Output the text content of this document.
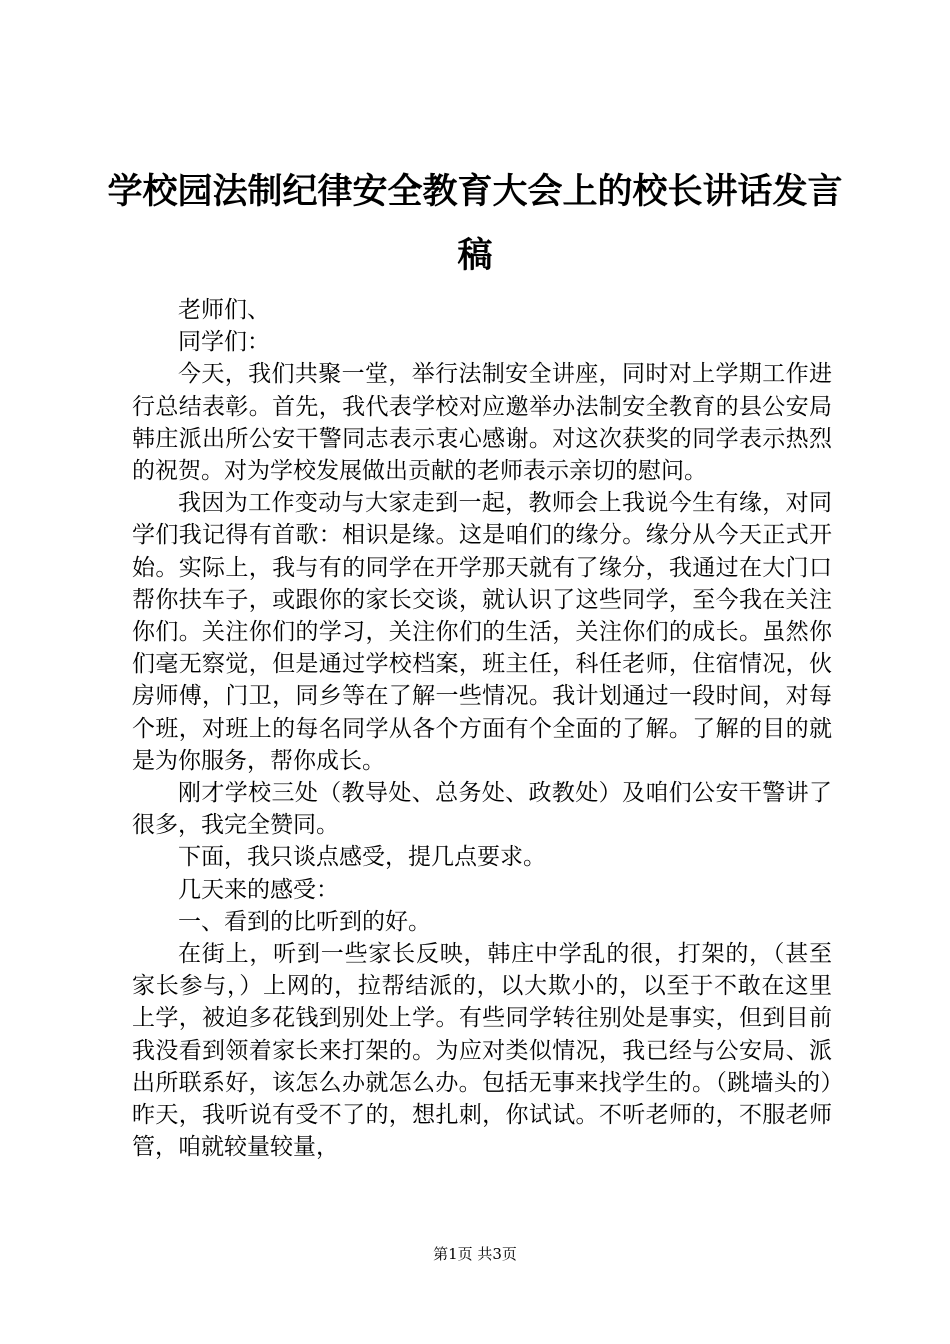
学校园法制纪律安全教育大会上的校长讲话发言稿

老师们、

同学们：

今天，我们共聚一堂，举行法制安全讲座，同时对上学期工作进行总结表彰。首先，我代表学校对应邀举办法制安全教育的县公安局韩庄派出所公安干警同志表示衷心感谢。对这次获奖的同学表示热烈的祝贺。对为学校发展做出贡献的老师表示亲切的慰问。

我因为工作变动与大家走到一起，教师会上我说今生有缘，对同学们我记得有首歌：相识是缘。这是咱们的缘分。缘分从今天正式开始。实际上，我与有的同学在开学那天就有了缘分，我通过在大门口帮你扶车子，或跟你的家长交谈，就认识了这些同学，至今我在关注你们。关注你们的学习，关注你们的生活，关注你们的成长。虽然你们毫无察觉，但是通过学校档案，班主任，科任老师，住宿情况，伙房师傅，门卫，同乡等在了解一些情况。我计划通过一段时间，对每个班，对班上的每名同学从各个方面有个全面的了解。了解的目的就是为你服务，帮你成长。

刚才学校三处（教导处、总务处、政教处）及咱们公安干警讲了很多，我完全赞同。

下面，我只谈点感受，提几点要求。

几天来的感受：

一、看到的比听到的好。

在街上，听到一些家长反映，韩庄中学乱的很，打架的，（甚至家长参与，）上网的，拉帮结派的，以大欺小的，以至于不敢在这里上学，被迫多花钱到别处上学。有些同学转往别处是事实，但到目前我没看到领着家长来打架的。为应对类似情况，我已经与公安局、派出所联系好，该怎么办就怎么办。包括无事来找学生的。（跳墙头的）昨天，我听说有受不了的，想扎刺，你试试。不听老师的，不服老师管，咱就较量较量，

第1页 共3页
